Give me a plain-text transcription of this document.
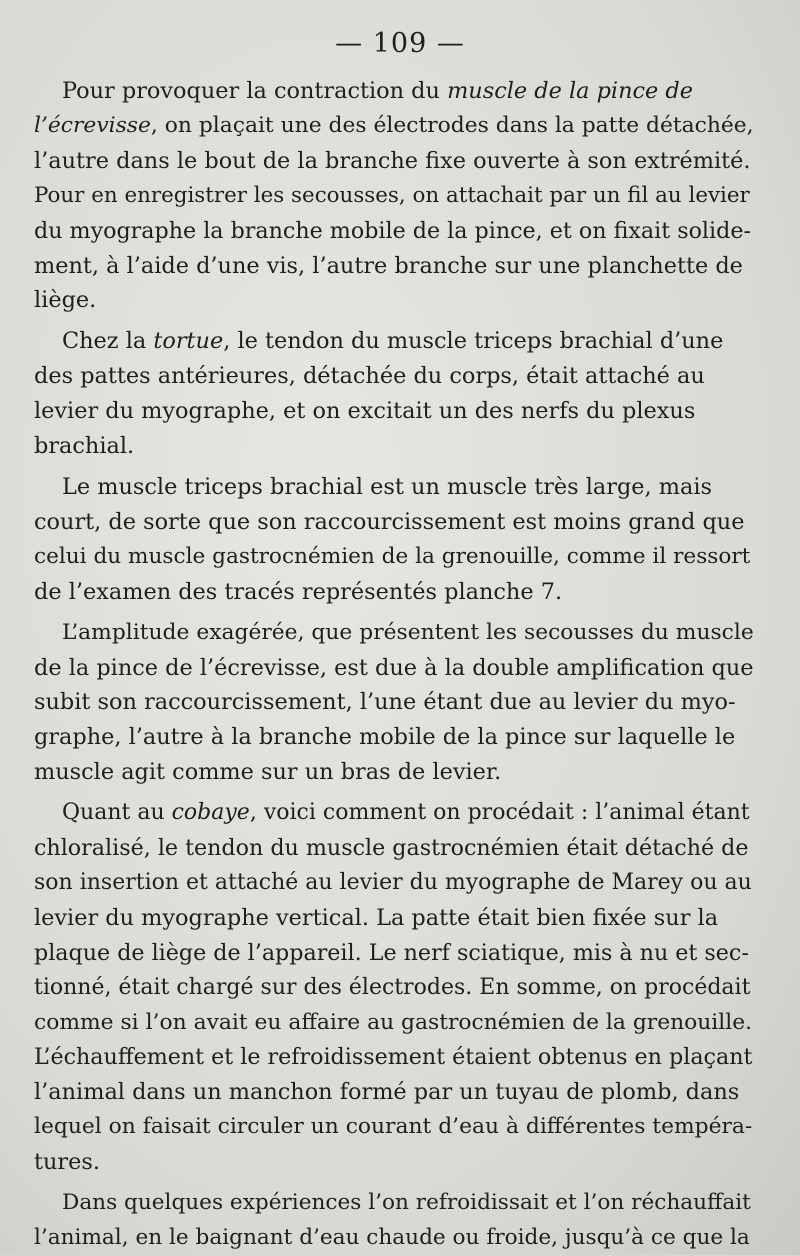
— 109 —
Pour provoquer la contraction du muscle de la pince de
l’écrevisse, on plaçait une des électrodes dans la patte détachée,
l’autre dans le bout de la branche fixe ouverte à son extrémité.
Pour en enregistrer les secousses, on attachait par un fil au levier
du myographe la branche mobile de la pince, et on fixait solide-
ment, à l’aide d’une vis, l’autre branche sur une planchette de
liège.
Chez la tortue, le tendon du muscle triceps brachial d’une
des pattes antérieures, détachée du corps, était attaché au
levier du myographe, et on excitait un des nerfs du plexus
brachial.
Le muscle triceps brachial est un muscle très large, mais
court, de sorte que son raccourcissement est moins grand que
celui du muscle gastrocnémien de la grenouille, comme il ressort
de l’examen des tracés représentés planche 7.
L’amplitude exagérée, que présentent les secousses du muscle
de la pince de l’écrevisse, est due à la double amplification que
subit son raccourcissement, l’une étant due au levier du myo-
graphe, l’autre à la branche mobile de la pince sur laquelle le
muscle agit comme sur un bras de levier.
Quant au cobaye, voici comment on procédait : l’animal étant
chloralisé, le tendon du muscle gastrocnémien était détaché de
son insertion et attaché au levier du myographe de Marey ou au
levier du myographe vertical. La patte était bien fixée sur la
plaque de liège de l’appareil. Le nerf sciatique, mis à nu et sec-
tionné, était chargé sur des électrodes. En somme, on procédait
comme si l’on avait eu affaire au gastrocnémien de la grenouille.
L’échauffement et le refroidissement étaient obtenus en plaçant
l’animal dans un manchon formé par un tuyau de plomb, dans
lequel on faisait circuler un courant d’eau à différentes tempéra-
tures.
Dans quelques expériences l’on refroidissait et l’on réchauffait
l’animal, en le baignant d’eau chaude ou froide, jusqu’à ce que la
